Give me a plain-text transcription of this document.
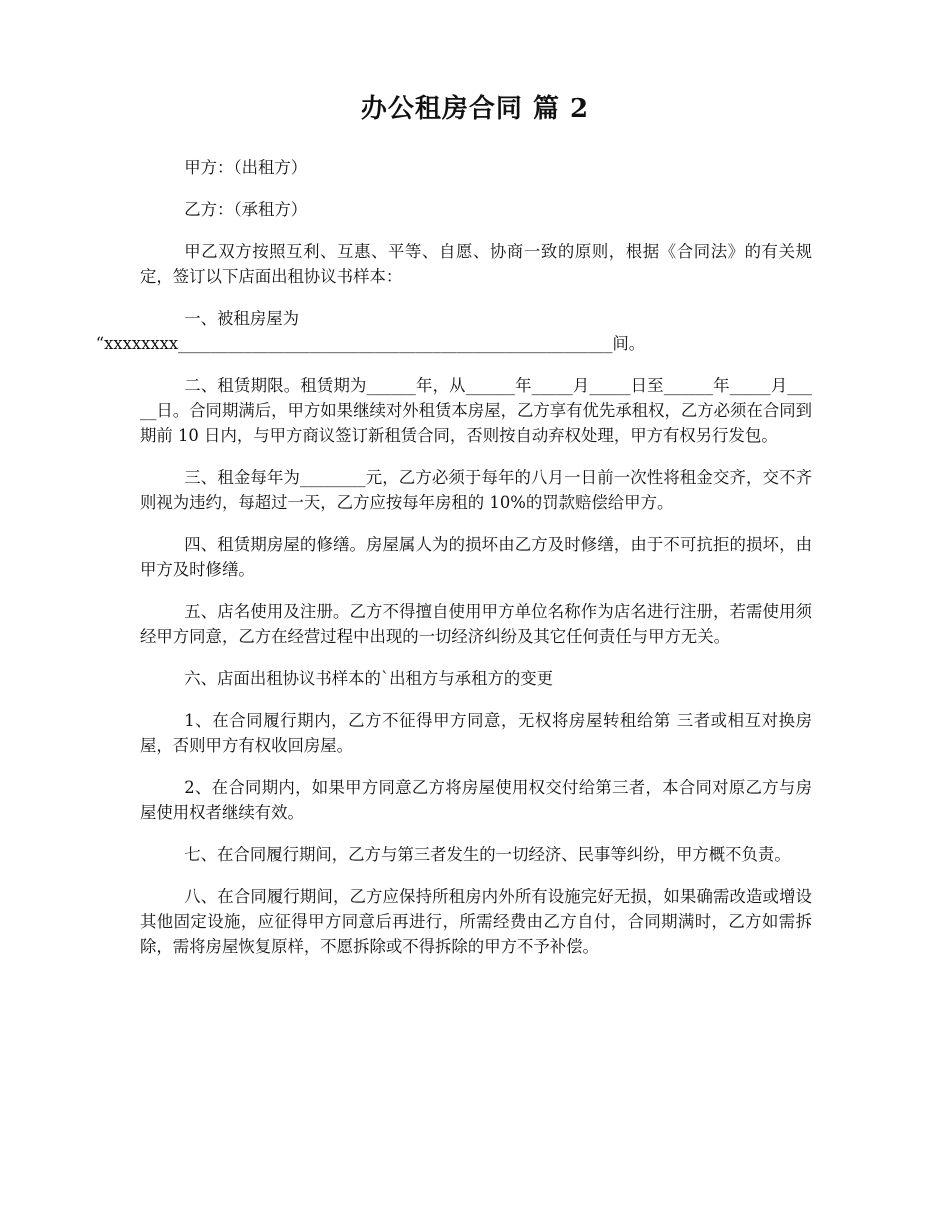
办公租房合同 篇 2

甲方：（出租方）

乙方：（承租方）

甲乙双方按照互利、互惠、平等、自愿、协商一致的原则，根据《合同法》的有关规定，签订以下店面出租协议书样本：

一、被租房屋为
“xxxxxxxx_____________________________________________________间。

二、租赁期限。租赁期为______年，从______年_____月_____日至______年_____月_____日。合同期满后，甲方如果继续对外租赁本房屋，乙方享有优先承租权，乙方必须在合同到期前 10 日内，与甲方商议签订新租赁合同，否则按自动弃权处理，甲方有权另行发包。

三、租金每年为________元，乙方必须于每年的八月一日前一次性将租金交齐，交不齐则视为违约，每超过一天，乙方应按每年房租的 10%的罚款赔偿给甲方。

四、租赁期房屋的修缮。房屋属人为的损坏由乙方及时修缮，由于不可抗拒的损坏，由甲方及时修缮。

五、店名使用及注册。乙方不得擅自使用甲方单位名称作为店名进行注册，若需使用须经甲方同意，乙方在经营过程中出现的一切经济纠纷及其它任何责任与甲方无关。

六、店面出租协议书样本的`出租方与承租方的变更

1、在合同履行期内，乙方不征得甲方同意，无权将房屋转租给第 三者或相互对换房屋，否则甲方有权收回房屋。

2、在合同期内，如果甲方同意乙方将房屋使用权交付给第三者，本合同对原乙方与房屋使用权者继续有效。

七、在合同履行期间，乙方与第三者发生的一切经济、民事等纠纷，甲方概不负责。

八、在合同履行期间，乙方应保持所租房内外所有设施完好无损，如果确需改造或增设其他固定设施，应征得甲方同意后再进行，所需经费由乙方自付，合同期满时，乙方如需拆除，需将房屋恢复原样，不愿拆除或不得拆除的甲方不予补偿。
